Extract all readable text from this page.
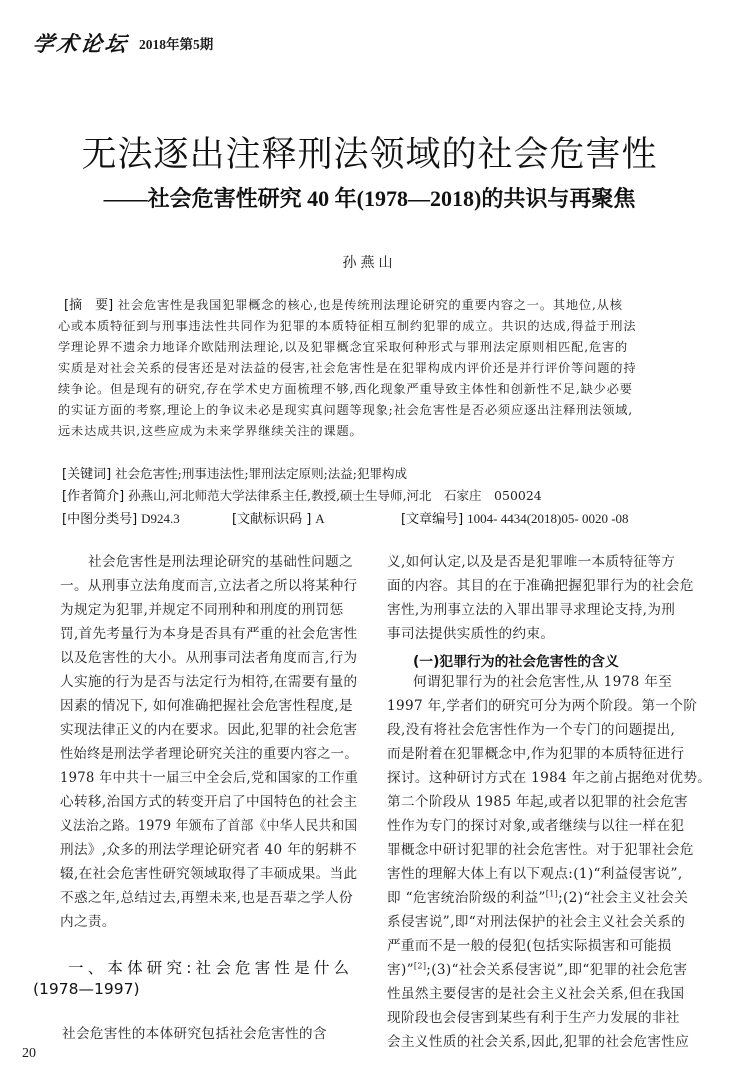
学术论坛 2018年第5期
无法逐出注释刑法领域的社会危害性
——社会危害性研究 40 年(1978—2018)的共识与再聚焦
孙燕山
[摘　要] 社会危害性是我国犯罪概念的核心,也是传统刑法理论研究的重要内容之一。其地位,从核
心或本质特征到与刑事违法性共同作为犯罪的本质特征相互制约犯罪的成立。共识的达成,得益于刑法
学理论界不遗余力地译介欧陆刑法理论,以及犯罪概念宜采取何种形式与罪刑法定原则相匹配,危害的
实质是对社会关系的侵害还是对法益的侵害,社会危害性是在犯罪构成内评价还是并行评价等问题的持
续争论。但是现有的研究,存在学术史方面梳理不够,西化现象严重导致主体性和创新性不足,缺少必要
的实证方面的考察,理论上的争议未必是现实真问题等现象;社会危害性是否必须应逐出注释刑法领域,
远未达成共识,这些应成为未来学界继续关注的课题。
[关键词] 社会危害性;刑事违法性;罪刑法定原则;法益;犯罪构成
[作者简介] 孙燕山,河北师范大学法律系主任,教授,硕士生导师,河北　石家庄　050024
[中图分类号] D924.3	[文献标识码 ] A	[文章编号] 1004- 4434(2018)05- 0020 -08
社会危害性是刑法理论研究的基础性问题之
一。从刑事立法角度而言,立法者之所以将某种行
为规定为犯罪,并规定不同刑种和刑度的刑罚惩
罚,首先考量行为本身是否具有严重的社会危害性
以及危害性的大小。从刑事司法者角度而言,行为
人实施的行为是否与法定行为相符,在需要有量的
因素的情况下, 如何准确把握社会危害性程度,是
实现法律正义的内在要求。因此,犯罪的社会危害
性始终是刑法学者理论研究关注的重要内容之一。
1978 年中共十一届三中全会后,党和国家的工作重
心转移,治国方式的转变开启了中国特色的社会主
义法治之路。1979 年颁布了首部《中华人民共和国
刑法》,众多的刑法学理论研究者 40 年的躬耕不
辍,在社会危害性研究领域取得了丰硕成果。当此
不惑之年,总结过去,再塑未来,也是吾辈之学人份
内之责。
一、本体研究:社会危害性是什么
(1978—1997)
社会危害性的本体研究包括社会危害性的含
义,如何认定,以及是否是犯罪唯一本质特征等方
面的内容。其目的在于准确把握犯罪行为的社会危
害性,为刑事立法的入罪出罪寻求理论支持,为刑
事司法提供实质性的约束。
(一)犯罪行为的社会危害性的含义
何谓犯罪行为的社会危害性,从 1978 年至
1997 年,学者们的研究可分为两个阶段。第一个阶
段,没有将社会危害性作为一个专门的问题提出,
而是附着在犯罪概念中,作为犯罪的本质特征进行
探讨。这种研讨方式在 1984 年之前占据绝对优势。
第二个阶段从 1985 年起,或者以犯罪的社会危害
性作为专门的探讨对象,或者继续与以往一样在犯
罪概念中研讨犯罪的社会危害性。对于犯罪社会危
害性的理解大体上有以下观点:(1)“利益侵害说”,
即 “危害统治阶级的利益”[1];(2)“社会主义社会关
系侵害说”,即“对刑法保护的社会主义社会关系的
严重而不是一般的侵犯(包括实际损害和可能损
害)”[2];(3)“社会关系侵害说”,即“犯罪的社会危害
性虽然主要侵害的是社会主义社会关系,但在我国
现阶段也会侵害到某些有利于生产力发展的非社
会主义性质的社会关系,因此,犯罪的社会危害性应
20
